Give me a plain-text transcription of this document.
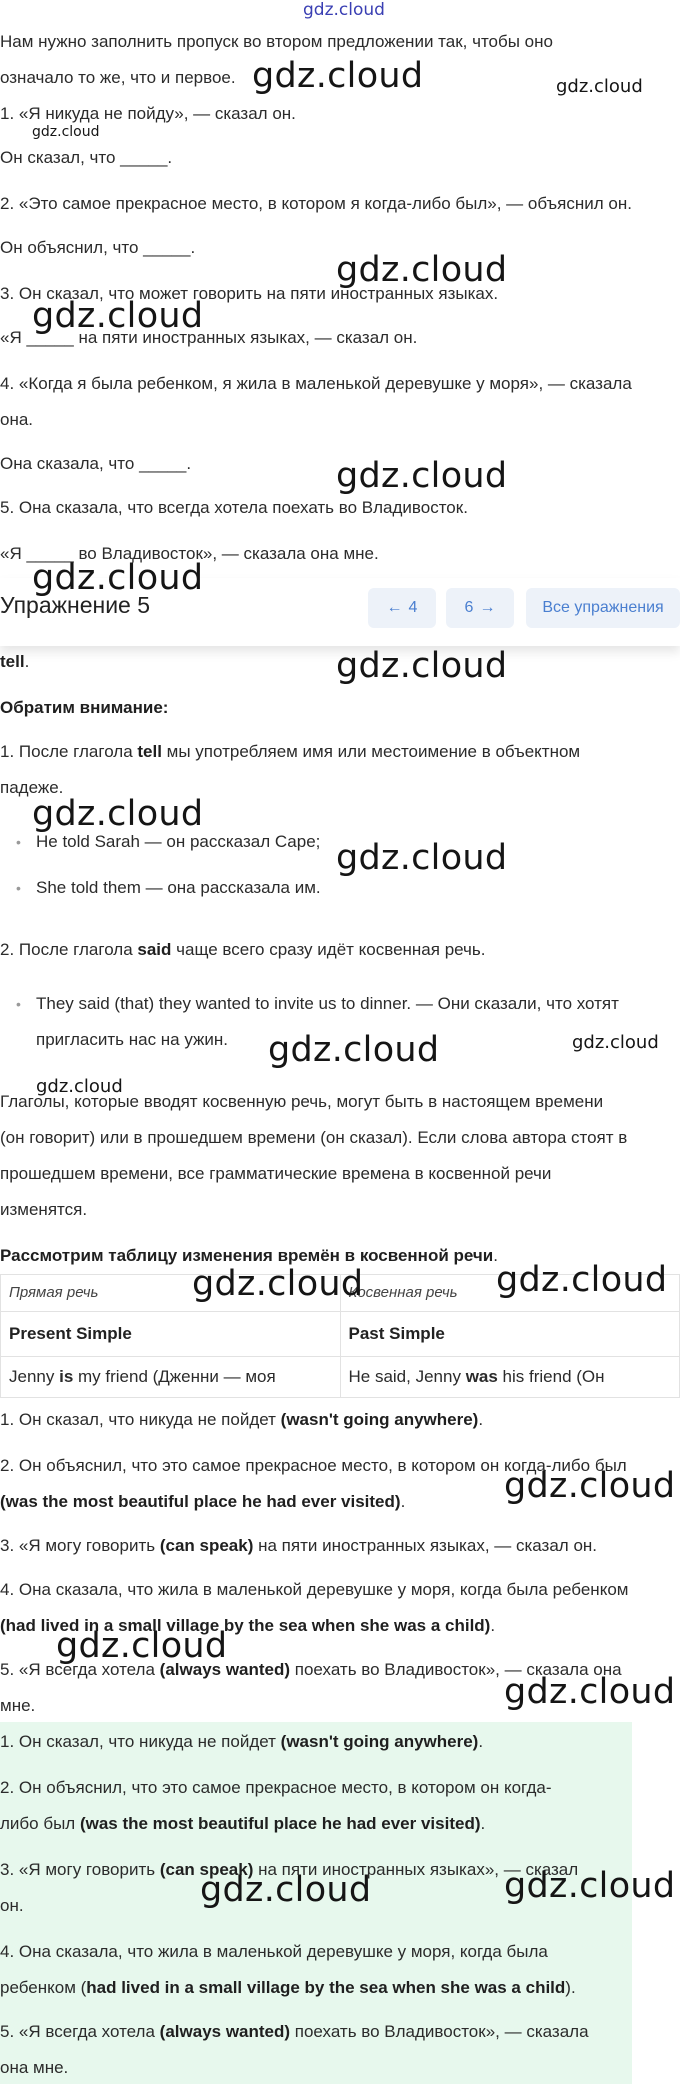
gdz.cloud

Нам нужно заполнить пропуск во втором предложении так, чтобы оно

означало то же, что и первое.

1. «Я никуда не пойду», — сказал он.

Он сказал, что _____.

2. «Это самое прекрасное место, в котором я когда-либо был», — объяснил он.

Он объяснил, что _____.

3. Он сказал, что может говорить на пяти иностранных языках.

«Я _____ на пяти иностранных языках, — сказал он.

4. «Когда я была ребенком, я жила в маленькой деревушке у моря», — сказала

она.

Она сказала, что _____.

5. Она сказала, что всегда хотела поехать во Владивосток.

«Я _____ во Владивосток», — сказала она мне.

Упражнение 5	← 4	6 →	Все упражнения

tell.

Обратим внимание:

1. После глагола tell мы употребляем имя или местоимение в объектном

падеже.

• He told Sarah — он рассказал Саре;
• She told them — она рассказала им.

2. После глагола said чаще всего сразу идёт косвенная речь.

• They said (that) they wanted to invite us to dinner. — Они сказали, что хотят
пригласить нас на ужин.

Глаголы, которые вводят косвенную речь, могут быть в настоящем времени

(он говорит) или в прошедшем времени (он сказал). Если слова автора стоят в

прошедшем времени, все грамматические времена в косвенной речи

изменятся.

Рассмотрим таблицу изменения времён в косвенной речи.

Прямая речь	Косвенная речь
Present Simple	Past Simple
Jenny is my friend (Дженни — моя	He said, Jenny was his friend (Он

1. Он сказал, что никуда не пойдет (wasn't going anywhere).

2. Он объяснил, что это самое прекрасное место, в котором он когда-либо был

(was the most beautiful place he had ever visited).

3. «Я могу говорить (can speak) на пяти иностранных языках, — сказал он.

4. Она сказала, что жила в маленькой деревушке у моря, когда была ребенком

(had lived in a small village by the sea when she was a child).

5. «Я всегда хотела (always wanted) поехать во Владивосток», — сказала она

мне.

1. Он сказал, что никуда не пойдет (wasn't going anywhere).

2. Он объяснил, что это самое прекрасное место, в котором он когда-

либо был (was the most beautiful place he had ever visited).

3. «Я могу говорить (can speak) на пяти иностранных языках», — сказал

он.

4. Она сказала, что жила в маленькой деревушке у моря, когда была

ребенком (had lived in a small village by the sea when she was a child).

5. «Я всегда хотела (always wanted) поехать во Владивосток», — сказала

она мне.

gdz.cloud	gdz.cloud
gdz.cloud
gdz.cloud
gdz.cloud
gdz.cloud
gdz.cloud
gdz.cloud
gdz.cloud
gdz.cloud
gdz.cloud	gdz.cloud
gdz.cloud
gdz.cloud	gdz.cloud
gdz.cloud
gdz.cloud
gdz.cloud
gdz.cloud	gdz.cloud
